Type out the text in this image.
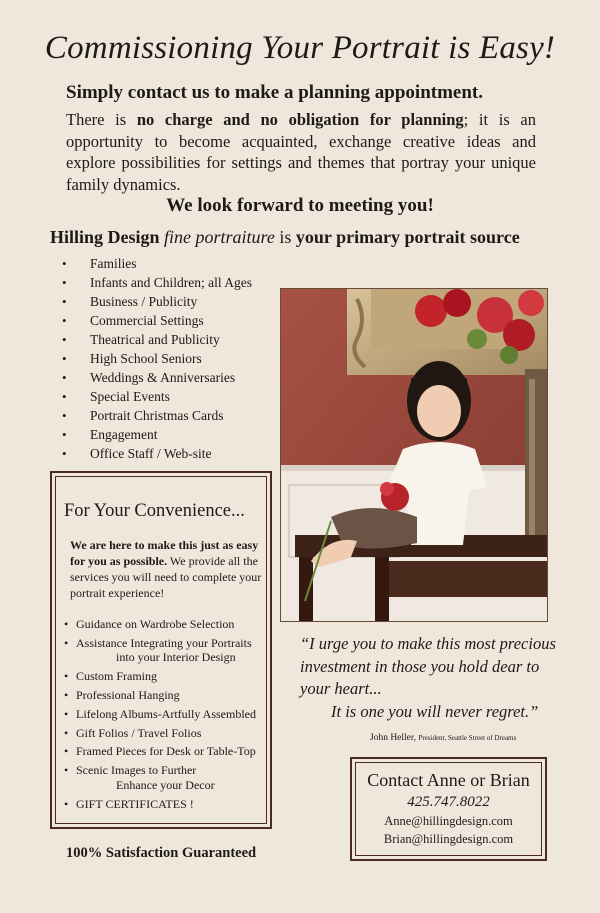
Commissioning Your Portrait is Easy!
Simply contact us to make a planning appointment.
There is no charge and no obligation for planning; it is an opportunity to become acquainted, exchange creative ideas and explore possibilities for settings and themes that portray your unique family dynamics.
We look forward to meeting you!
Hilling Design fine portraiture is your primary portrait source
• Families
• Infants and Children; all Ages
• Business / Publicity
• Commercial Settings
• Theatrical and Publicity
• High School Seniors
• Weddings & Anniversaries
• Special Events
• Portrait Christmas Cards
• Engagement
• Office Staff / Web-site
For Your Convenience...
We are here to make this just as easy for you as possible. We provide all the services you will need to complete your portrait experience!
• Guidance on Wardrobe Selection
• Assistance Integrating your Portraits
into your Interior Design
• Custom Framing
• Professional Hanging
• Lifelong Albums-Artfully Assembled
• Gift Folios / Travel Folios
• Framed Pieces for Desk or Table-Top
• Scenic Images to Further
Enhance your Decor
• GIFT CERTIFICATES !
100% Satisfaction Guaranteed
“I urge you to make this most precious investment in those you hold dear to your heart...
It is one you will never regret.”
John Heller, President, Seattle Street of Dreams
Contact Anne or Brian
425.747.8022
Anne@hillingdesign.com
Brian@hillingdesign.com
